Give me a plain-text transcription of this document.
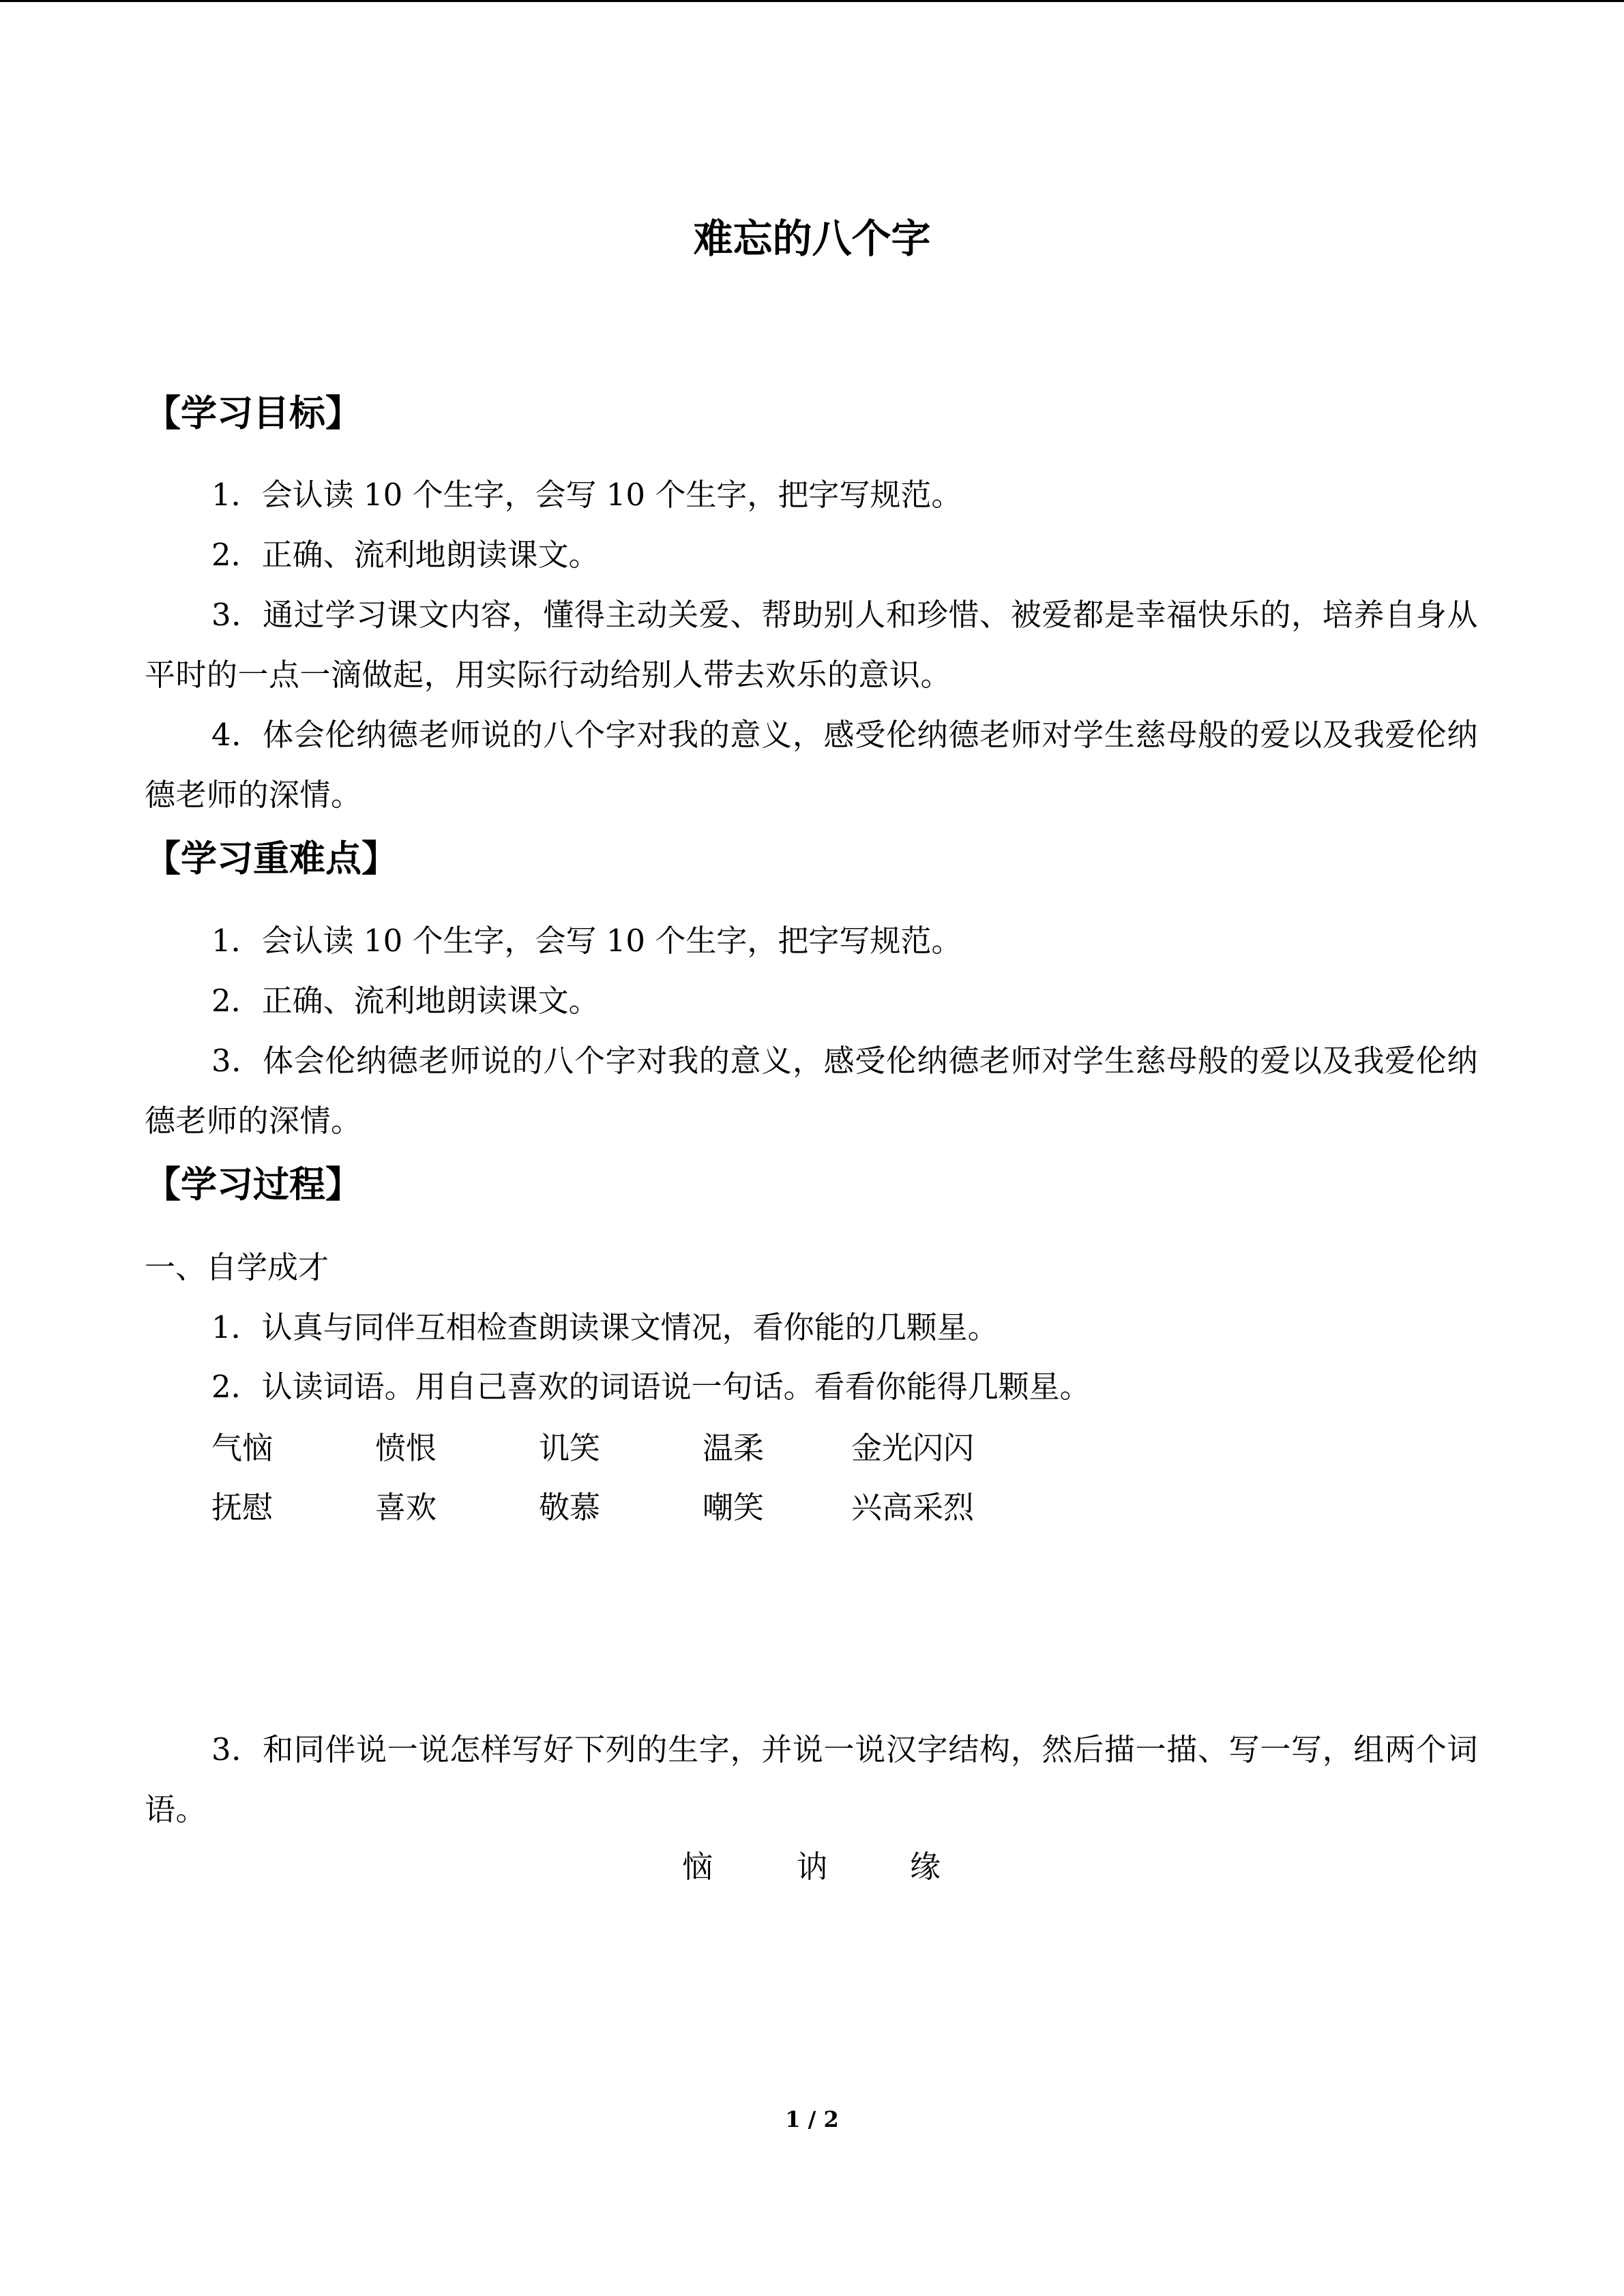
难忘的八个字
【学习目标】
1．会认读 10 个生字，会写 10 个生字，把字写规范。
2．正确、流利地朗读课文。
3．通过学习课文内容，懂得主动关爱、帮助别人和珍惜、被爱都是幸福快乐的，培养自身从平时的一点一滴做起，用实际行动给别人带去欢乐的意识。
4．体会伦纳德老师说的八个字对我的意义，感受伦纳德老师对学生慈母般的爱以及我爱伦纳德老师的深情。
【学习重难点】
1．会认读 10 个生字，会写 10 个生字，把字写规范。
2．正确、流利地朗读课文。
3．体会伦纳德老师说的八个字对我的意义，感受伦纳德老师对学生慈母般的爱以及我爱伦纳德老师的深情。
【学习过程】
一、自学成才
1．认真与同伴互相检查朗读课文情况，看你能的几颗星。
2．认读词语。用自己喜欢的词语说一句话。看看你能得几颗星。
气恼	愤恨	讥笑	温柔	金光闪闪
抚慰	喜欢	敬慕	嘲笑	兴高采烈
3．和同伴说一说怎样写好下列的生字，并说一说汉字结构，然后描一描、写一写，组两个词语。
恼	讷	缘
1 / 2
